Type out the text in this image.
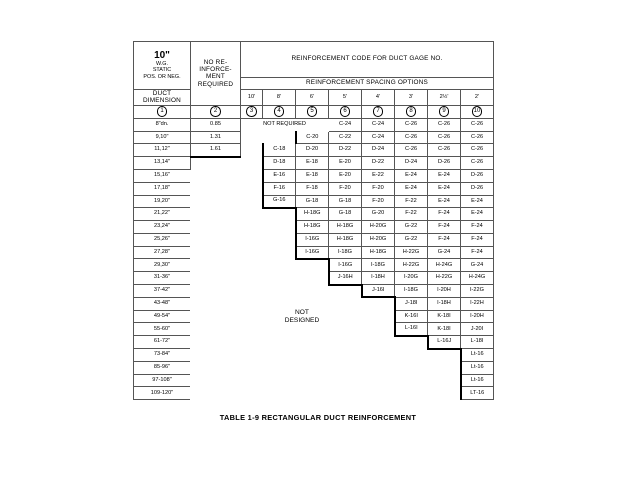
10"
W.G.
STATIC
POS. OR NEG.	NO RE-
INFORCE-
MENT
REQUIRED	REINFORCEMENT CODE FOR DUCT GAGE NO.							
		REINFORCEMENT SPACING OPTIONS							

DUCT
DIMENSION		10'	8'	6'	5'	4'	3'	2½'	2'
1	2	3	4	5	6	7	8	9	10
8"dn.	0.85	NOT REQUIRED			C-24	C-24	C-26	C-26	C-26
9,10"	1.31			C-20	C-22	C-24	C-26	C-26	C-26
11,12"	1.61		C-18	D-20	D-22	D-24	C-26	C-26	C-26
13,14"			D-18	E-18	E-20	D-22	D-24	D-26	C-26
15,16"			E-16	E-18	E-20	E-22	E-24	E-24	D-26
17,18"			F-16	F-18	F-20	F-20	E-24	E-24	D-26
19,20"			G-16	G-18	G-18	F-20	F-22	E-24	E-24
21,22"				H-18G	G-18	G-20	F-22	F-24	E-24
23,24"				H-18G	H-18G	H-20G	G-22	F-24	F-24
25,26"				I-16G	H-18G	H-20G	G-22	F-24	F-24
27,28"				I-16G	I-18G	H-18G	H-22G	G-24	F-24
29,30"					I-16G	I-18G	H-22G	H-24G	G-24
31-36"					J-16H	I-18H	I-20G	H-22G	H-24G
37-42"						J-16I	I-18G	I-20H	I-22G
43-48"							J-18I	I-18H	I-22H
49-54"							K-16I	K-18I	I-20H
55-60"							L-16I	K-18I	J-20I
61-72"								L-16J	L-18I
73-84"									Lt-16
85-96"									Lt-16
97-108"									Lt-16
109-120"									LT-16
TABLE 1-9 RECTANGULAR DUCT REINFORCEMENT
NOT
DESIGNED
